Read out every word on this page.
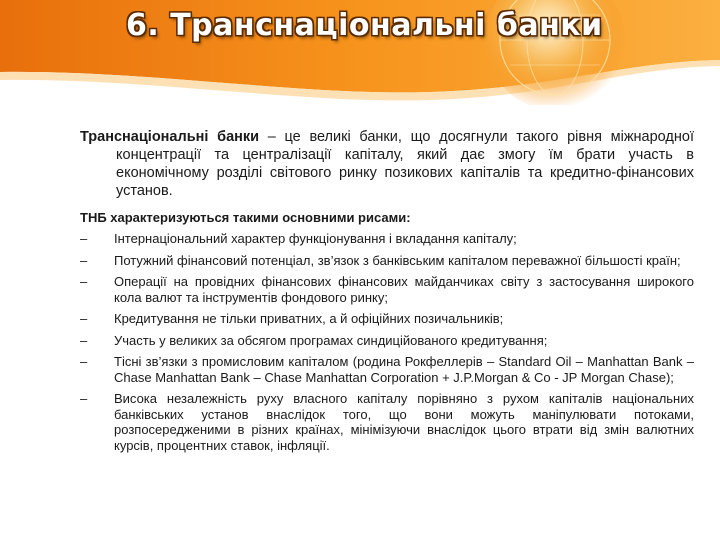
6. Транснаціональні банки

Транснаціональні банки – це великі банки, що досягнули такого рівня міжнародної концентрації та централізації капіталу, який дає змогу їм брати участь в економічному розділі світового ринку позикових капіталів та кредитно-фінансових установ.

ТНБ характеризуються такими основними рисами:
– Інтернаціональний характер функціонування і вкладання капіталу;
– Потужний фінансовий потенціал, зв’язок з банківським капіталом переважної більшості країн;
– Операції на провідних фінансових фінансових майданчиках світу з застосування широкого кола валют та інструментів фондового ринку;
– Кредитування не тільки приватних, а й офіційних позичальників;
– Участь у великих за обсягом програмах синдиційованого кредитування;
– Тісні зв’язки з промисловим капіталом (родина Рокфеллерів – Standard Oil – Manhattan Bank – Chase Manhattan Bank – Chase Manhattan Corporation + J.P.Morgan & Co - JP Morgan Chase);
– Висока незалежність руху власного капіталу порівняно з рухом капіталів національних банківських установ внаслідок того, що вони можуть маніпулювати потоками, розпосередженими в різних країнах, мінімізуючи внаслідок цього втрати від змін валютних курсів, процентних ставок, інфляції.
